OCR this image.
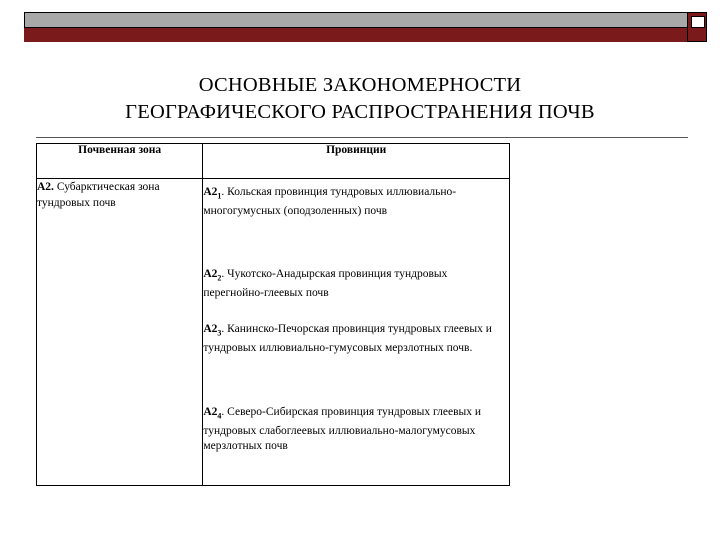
ОСНОВНЫЕ ЗАКОНОМЕРНОСТИ
ГЕОГРАФИЧЕСКОГО РАСПРОСТРАНЕНИЯ ПОЧВ
Почвенная зона	Провинции
А2. Субарктическая зона тундровых почв	$А2_1$. Кольская провинция тундровых иллювиально-многогумусных (оподзоленных) почв
$А2_2$. Чукотско-Анадырская провинция тундровых перегнойно-глеевых почв
$А2_3$. Канинско-Печорская провинция тундровых глеевых и тундровых иллювиально-гумусовых мерзлотных почв.
$А2_4$. Северо-Сибирская провинция тундровых глеевых и тундровых слабоглеевых иллювиально-малогумусовых мерзлотных почв
